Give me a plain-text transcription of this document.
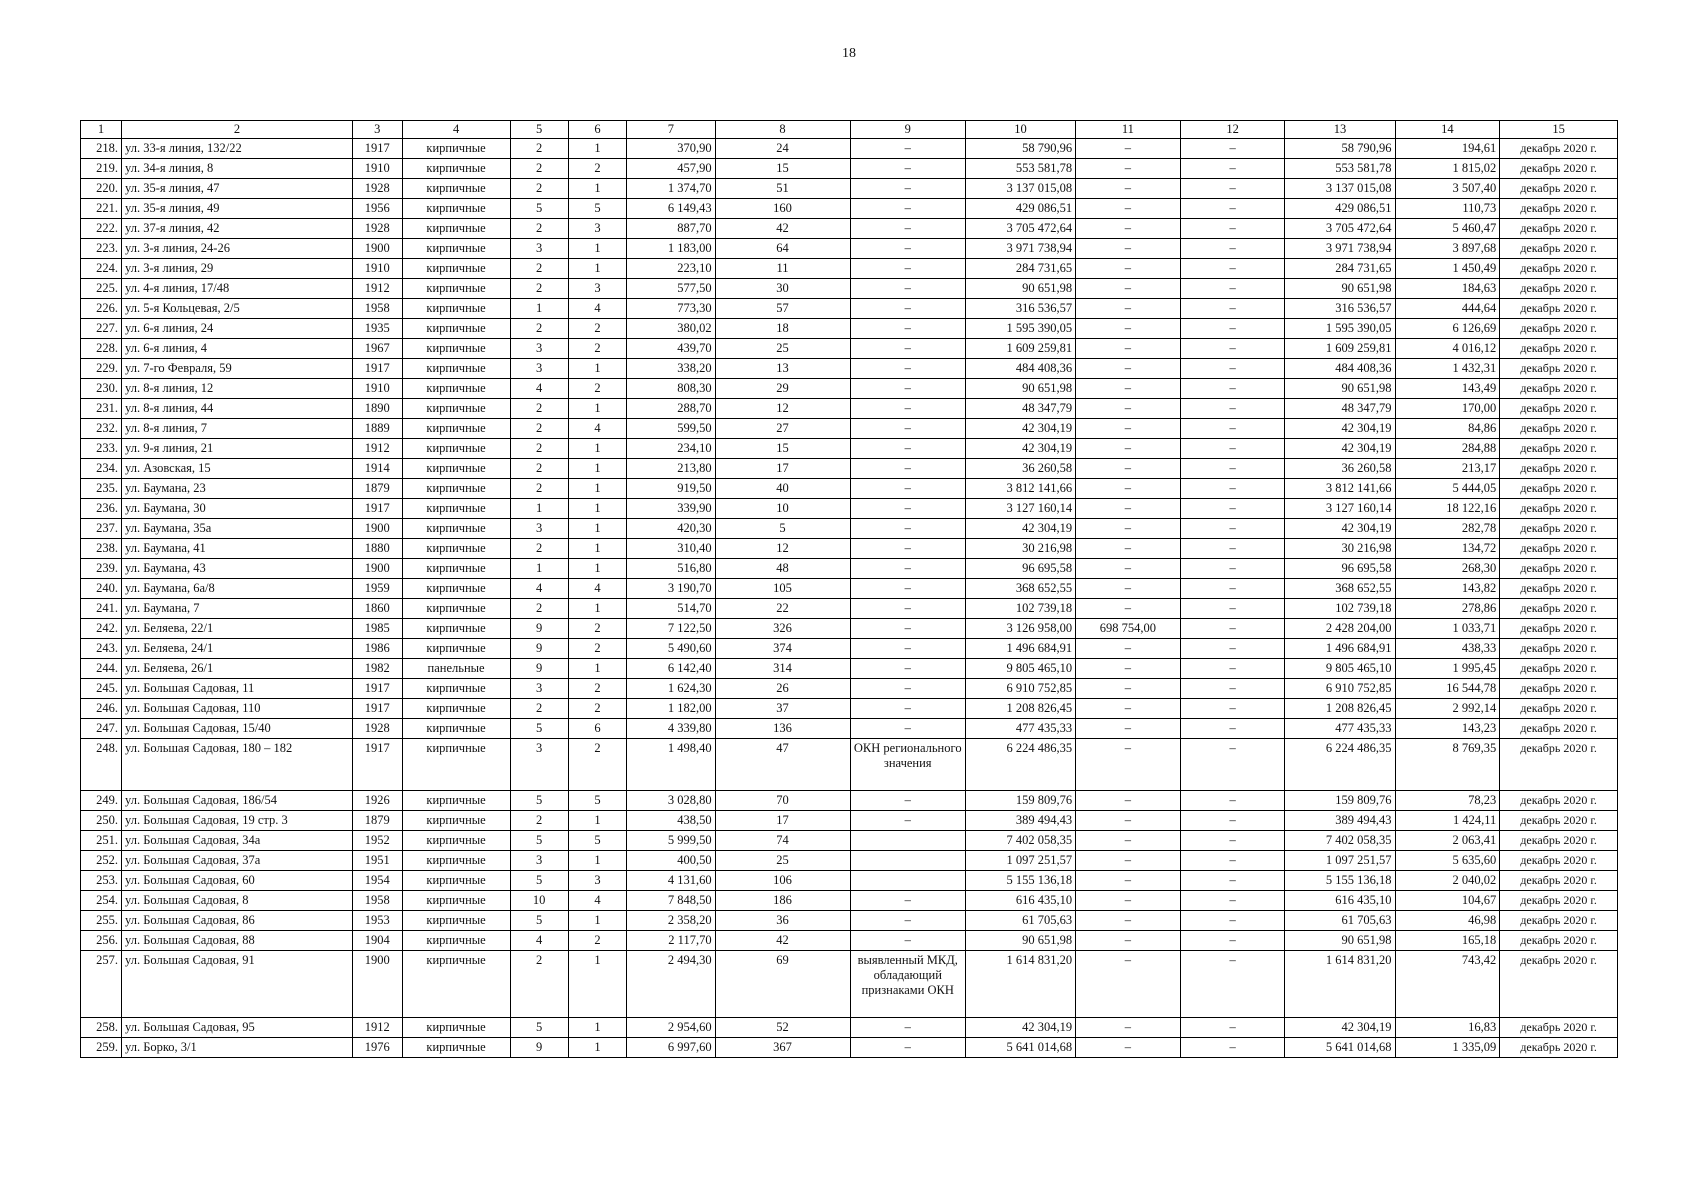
18
1	2	3	4	5	6	7	8	9	10	11	12	13	14	15
218.	ул. 33-я линия, 132/22	1917	кирпичные	2	1	370,90	24	–	58 790,96	–	–	58 790,96	194,61	декабрь 2020 г.
219.	ул. 34-я линия, 8	1910	кирпичные	2	2	457,90	15	–	553 581,78	–	–	553 581,78	1 815,02	декабрь 2020 г.
220.	ул. 35-я линия, 47	1928	кирпичные	2	1	1 374,70	51	–	3 137 015,08	–	–	3 137 015,08	3 507,40	декабрь 2020 г.
221.	ул. 35-я линия, 49	1956	кирпичные	5	5	6 149,43	160	–	429 086,51	–	–	429 086,51	110,73	декабрь 2020 г.
222.	ул. 37-я линия, 42	1928	кирпичные	2	3	887,70	42	–	3 705 472,64	–	–	3 705 472,64	5 460,47	декабрь 2020 г.
223.	ул. 3-я линия, 24-26	1900	кирпичные	3	1	1 183,00	64	–	3 971 738,94	–	–	3 971 738,94	3 897,68	декабрь 2020 г.
224.	ул. 3-я линия, 29	1910	кирпичные	2	1	223,10	11	–	284 731,65	–	–	284 731,65	1 450,49	декабрь 2020 г.
225.	ул. 4-я линия, 17/48	1912	кирпичные	2	3	577,50	30	–	90 651,98	–	–	90 651,98	184,63	декабрь 2020 г.
226.	ул. 5-я Кольцевая, 2/5	1958	кирпичные	1	4	773,30	57	–	316 536,57	–	–	316 536,57	444,64	декабрь 2020 г.
227.	ул. 6-я линия, 24	1935	кирпичные	2	2	380,02	18	–	1 595 390,05	–	–	1 595 390,05	6 126,69	декабрь 2020 г.
228.	ул. 6-я линия, 4	1967	кирпичные	3	2	439,70	25	–	1 609 259,81	–	–	1 609 259,81	4 016,12	декабрь 2020 г.
229.	ул. 7-го Февраля, 59	1917	кирпичные	3	1	338,20	13	–	484 408,36	–	–	484 408,36	1 432,31	декабрь 2020 г.
230.	ул. 8-я линия, 12	1910	кирпичные	4	2	808,30	29	–	90 651,98	–	–	90 651,98	143,49	декабрь 2020 г.
231.	ул. 8-я линия, 44	1890	кирпичные	2	1	288,70	12	–	48 347,79	–	–	48 347,79	170,00	декабрь 2020 г.
232.	ул. 8-я линия, 7	1889	кирпичные	2	4	599,50	27	–	42 304,19	–	–	42 304,19	84,86	декабрь 2020 г.
233.	ул. 9-я линия, 21	1912	кирпичные	2	1	234,10	15	–	42 304,19	–	–	42 304,19	284,88	декабрь 2020 г.
234.	ул. Азовская, 15	1914	кирпичные	2	1	213,80	17	–	36 260,58	–	–	36 260,58	213,17	декабрь 2020 г.
235.	ул. Баумана, 23	1879	кирпичные	2	1	919,50	40	–	3 812 141,66	–	–	3 812 141,66	5 444,05	декабрь 2020 г.
236.	ул. Баумана, 30	1917	кирпичные	1	1	339,90	10	–	3 127 160,14	–	–	3 127 160,14	18 122,16	декабрь 2020 г.
237.	ул. Баумана, 35а	1900	кирпичные	3	1	420,30	5	–	42 304,19	–	–	42 304,19	282,78	декабрь 2020 г.
238.	ул. Баумана, 41	1880	кирпичные	2	1	310,40	12	–	30 216,98	–	–	30 216,98	134,72	декабрь 2020 г.
239.	ул. Баумана, 43	1900	кирпичные	1	1	516,80	48	–	96 695,58	–	–	96 695,58	268,30	декабрь 2020 г.
240.	ул. Баумана, 6а/8	1959	кирпичные	4	4	3 190,70	105	–	368 652,55	–	–	368 652,55	143,82	декабрь 2020 г.
241.	ул. Баумана, 7	1860	кирпичные	2	1	514,70	22	–	102 739,18	–	–	102 739,18	278,86	декабрь 2020 г.
242.	ул. Беляева, 22/1	1985	кирпичные	9	2	7 122,50	326	–	3 126 958,00	698 754,00	–	2 428 204,00	1 033,71	декабрь 2020 г.
243.	ул. Беляева, 24/1	1986	кирпичные	9	2	5 490,60	374	–	1 496 684,91	–	–	1 496 684,91	438,33	декабрь 2020 г.
244.	ул. Беляева, 26/1	1982	панельные	9	1	6 142,40	314	–	9 805 465,10	–	–	9 805 465,10	1 995,45	декабрь 2020 г.
245.	ул. Большая Садовая, 11	1917	кирпичные	3	2	1 624,30	26	–	6 910 752,85	–	–	6 910 752,85	16 544,78	декабрь 2020 г.
246.	ул. Большая Садовая, 110	1917	кирпичные	2	2	1 182,00	37	–	1 208 826,45	–	–	1 208 826,45	2 992,14	декабрь 2020 г.
247.	ул. Большая Садовая, 15/40	1928	кирпичные	5	6	4 339,80	136	–	477 435,33	–	–	477 435,33	143,23	декабрь 2020 г.
248.	ул. Большая Садовая, 180 – 182	1917	кирпичные	3	2	1 498,40	47	ОКН регионального значения	6 224 486,35	–	–	6 224 486,35	8 769,35	декабрь 2020 г.
249.	ул. Большая Садовая, 186/54	1926	кирпичные	5	5	3 028,80	70	–	159 809,76	–	–	159 809,76	78,23	декабрь 2020 г.
250.	ул. Большая Садовая, 19 стр. 3	1879	кирпичные	2	1	438,50	17	–	389 494,43	–	–	389 494,43	1 424,11	декабрь 2020 г.
251.	ул. Большая Садовая, 34а	1952	кирпичные	5	5	5 999,50	74		7 402 058,35	–	–	7 402 058,35	2 063,41	декабрь 2020 г.
252.	ул. Большая Садовая, 37а	1951	кирпичные	3	1	400,50	25		1 097 251,57	–	–	1 097 251,57	5 635,60	декабрь 2020 г.
253.	ул. Большая Садовая, 60	1954	кирпичные	5	3	4 131,60	106		5 155 136,18	–	–	5 155 136,18	2 040,02	декабрь 2020 г.
254.	ул. Большая Садовая, 8	1958	кирпичные	10	4	7 848,50	186	–	616 435,10	–	–	616 435,10	104,67	декабрь 2020 г.
255.	ул. Большая Садовая, 86	1953	кирпичные	5	1	2 358,20	36	–	61 705,63	–	–	61 705,63	46,98	декабрь 2020 г.
256.	ул. Большая Садовая, 88	1904	кирпичные	4	2	2 117,70	42	–	90 651,98	–	–	90 651,98	165,18	декабрь 2020 г.
257.	ул. Большая Садовая, 91	1900	кирпичные	2	1	2 494,30	69	выявленный МКД, обладающий признаками ОКН	1 614 831,20	–	–	1 614 831,20	743,42	декабрь 2020 г.
258.	ул. Большая Садовая, 95	1912	кирпичные	5	1	2 954,60	52	–	42 304,19	–	–	42 304,19	16,83	декабрь 2020 г.
259.	ул. Борко, 3/1	1976	кирпичные	9	1	6 997,60	367	–	5 641 014,68	–	–	5 641 014,68	1 335,09	декабрь 2020 г.
